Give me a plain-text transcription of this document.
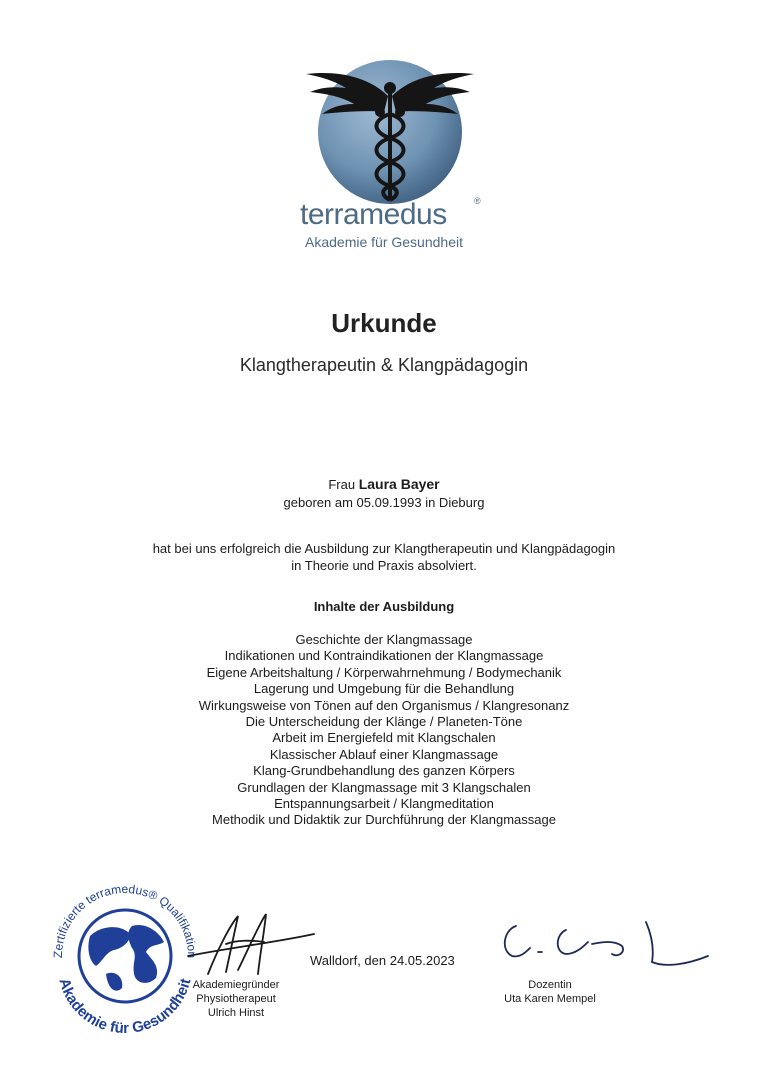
terramedus	®
Akademie für Gesundheit
Urkunde
Klangtherapeutin & Klangpädagogin
Frau Laura Bayer
geboren am 05.09.1993 in Dieburg
hat bei uns erfolgreich die Ausbildung zur Klangtherapeutin und Klangpädagogin
in Theorie und Praxis absolviert.
Inhalte der Ausbildung
Geschichte der Klangmassage
Indikationen und Kontraindikationen der Klangmassage
Eigene Arbeitshaltung / Körperwahrnehmung / Bodymechanik
Lagerung und Umgebung für die Behandlung
Wirkungsweise von Tönen auf den Organismus / Klangresonanz
Die Unterscheidung der Klänge / Planeten-Töne
Arbeit im Energiefeld mit Klangschalen
Klassischer Ablauf einer Klangmassage
Klang-Grundbehandlung des ganzen Körpers
Grundlagen der Klangmassage mit 3 Klangschalen
Entspannungsarbeit / Klangmeditation
Methodik und Didaktik zur Durchführung der Klangmassage
Zertifizierte terramedus® Qualifikation
Akademie für Gesundheit
Walldorf, den 24.05.2023
Akademiegründer
Physiotherapeut
Ulrich Hinst
Dozentin
Uta Karen Mempel
